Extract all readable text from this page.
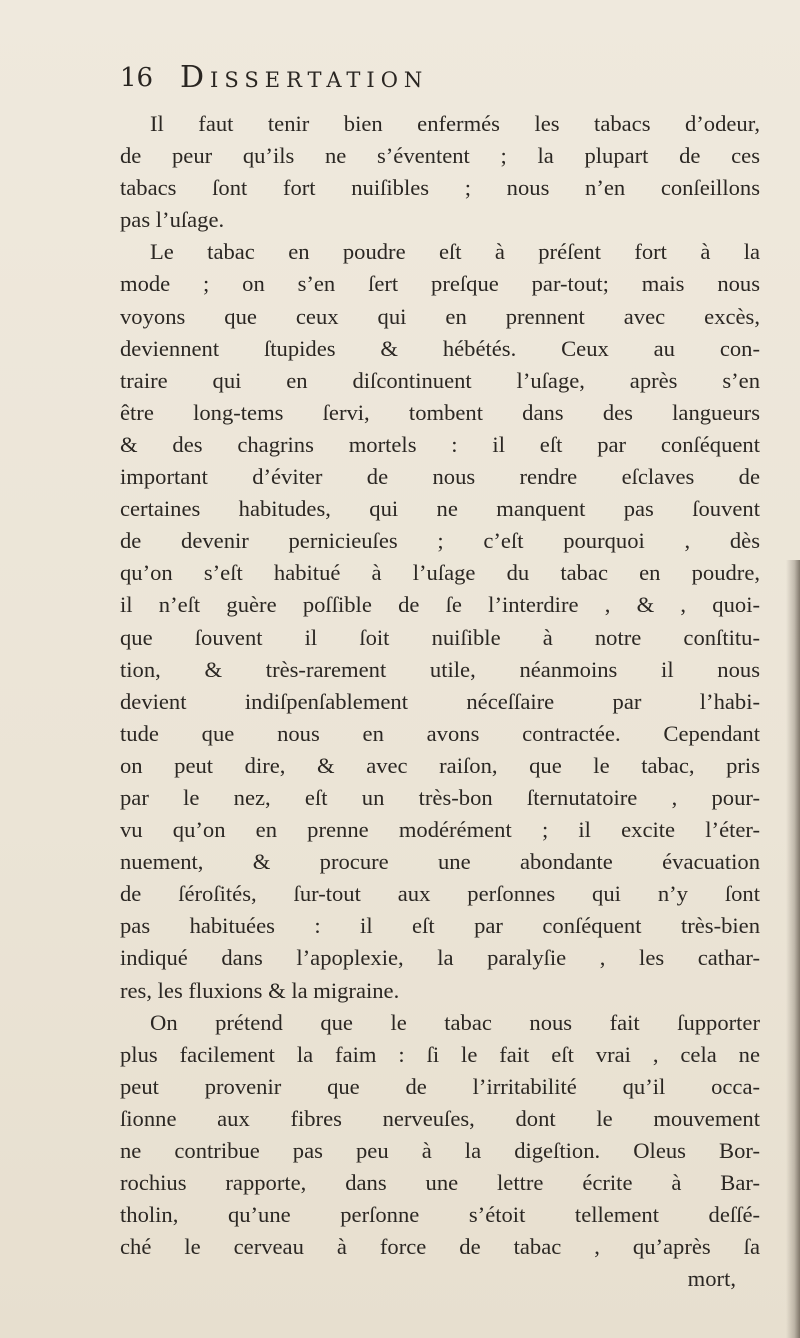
16 Dissertation
Il faut tenir bien enfermés les tabacs d’odeur,
de peur qu’ils ne s’éventent ; la plupart de ces
tabacs ſont fort nuiſibles ; nous n’en conſeillons
pas l’uſage.
Le tabac en poudre eſt à préſent fort à la
mode ; on s’en ſert preſque par-tout; mais nous
voyons que ceux qui en prennent avec excès,
deviennent ſtupides & hébétés. Ceux au con-
traire qui en diſcontinuent l’uſage, après s’en
être long-tems ſervi, tombent dans des langueurs
& des chagrins mortels : il eſt par conſéquent
important d’éviter de nous rendre eſclaves de
certaines habitudes, qui ne manquent pas ſouvent
de devenir pernicieuſes ; c’eſt pourquoi , dès
qu’on s’eſt habitué à l’uſage du tabac en poudre,
il n’eſt guère poſſible de ſe l’interdire , & , quoi-
que ſouvent il ſoit nuiſible à notre conſtitu-
tion, & très-rarement utile, néanmoins il nous
devient indiſpenſablement néceſſaire par l’habi-
tude que nous en avons contractée. Cependant
on peut dire, & avec raiſon, que le tabac, pris
par le nez, eſt un très-bon ſternutatoire , pour-
vu qu’on en prenne modérément ; il excite l’éter-
nuement, & procure une abondante évacuation
de ſéroſités, ſur-tout aux perſonnes qui n’y ſont
pas habituées : il eſt par conſéquent très-bien
indiqué dans l’apoplexie, la paralyſie , les cathar-
res, les fluxions & la migraine.
On prétend que le tabac nous fait ſupporter
plus facilement la faim : ſi le fait eſt vrai , cela ne
peut provenir que de l’irritabilité qu’il occa-
ſionne aux fibres nerveuſes, dont le mouvement
ne contribue pas peu à la digeſtion. Oleus Bor-
rochius rapporte, dans une lettre écrite à Bar-
tholin, qu’une perſonne s’étoit tellement deſſé-
ché le cerveau à force de tabac , qu’après ſa
mort,
